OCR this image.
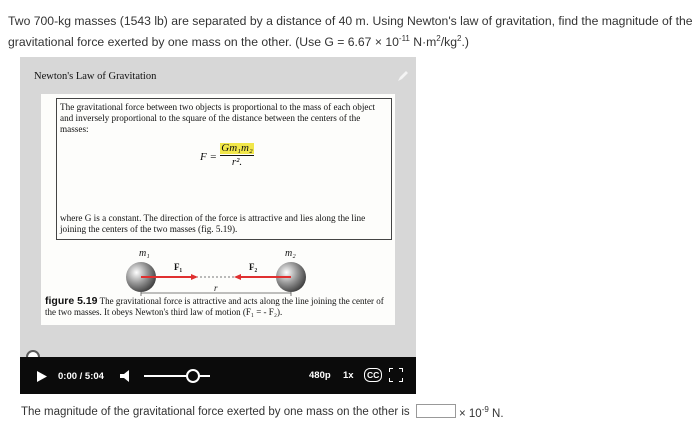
Two 700-kg masses (1543 lb) are separated by a distance of 40 m. Using Newton's law of gravitation, find the magnitude of the gravitational force exerted by one mass on the other. (Use $G = 6.67 \times 10^{-11}$ $N\cdot m^2/kg^2$.)
Newton's Law of Gravitation
The gravitational force between two objects is proportional to the mass of each object and inversely proportional to the square of the distance between the centers of the masses:
F =
Gm₁m₂
r².
where G is a constant. The direction of the force is attractive and lies along the line joining the centers of the two masses (fig. 5.19).
m₁	m₂
F₁	F₂
r
figure 5.19 The gravitational force is attractive and acts along the line joining the center of the two masses. It obeys Newton's third law of motion (F₁ = - F₂).
0:00 / 5:04	480p 1x	CC
The magnitude of the gravitational force exerted by one mass on the other is	× $10^{-9}$ N.
